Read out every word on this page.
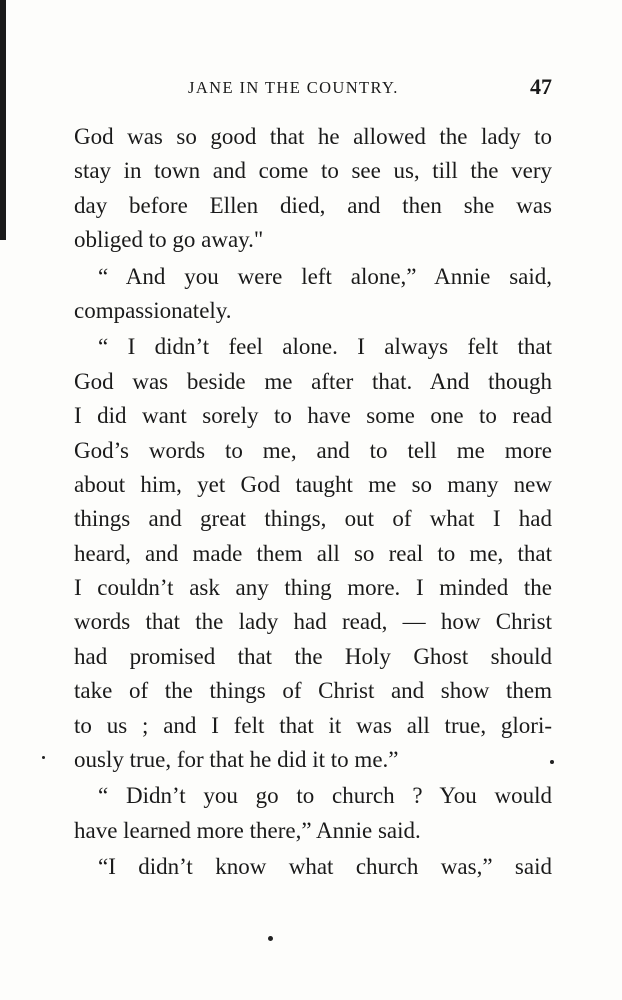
JANE IN THE COUNTRY.	47
God was so good that he allowed the lady to
stay in town and come to see us, till the very
day before Ellen died, and then she was
obliged to go away."
“ And you were left alone,” Annie said,
compassionately.
“ I didn’t feel alone. I always felt that
God was beside me after that. And though
I did want sorely to have some one to read
God’s words to me, and to tell me more
about him, yet God taught me so many new
things and great things, out of what I had
heard, and made them all so real to me, that
I couldn’t ask any thing more. I minded the
words that the lady had read, — how Christ
had promised that the Holy Ghost should
take of the things of Christ and show them
to us ; and I felt that it was all true, glori-
ously true, for that he did it to me.”
“ Didn’t you go to church ? You would
have learned more there,” Annie said.
“I didn’t know what church was,” said
